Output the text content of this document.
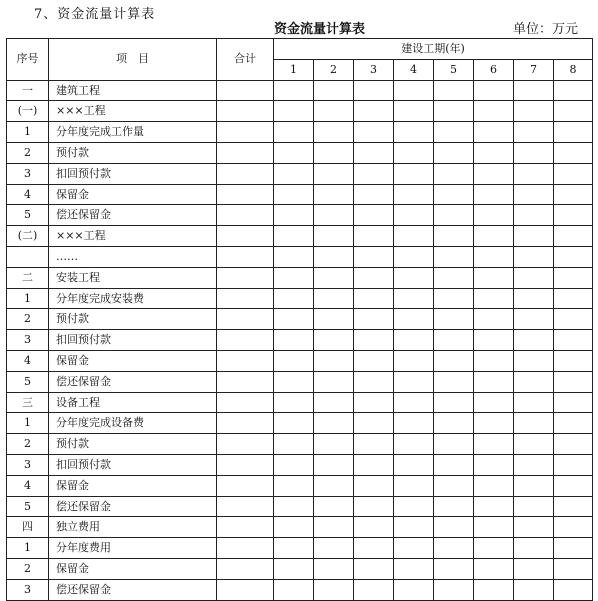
7、资金流量计算表
资金流量计算表	单位：万元
序号	项　目	合计	建设工期(年)							
			1	2	3	4	5	6	7	8
一	建筑工程									
(一)	×××工程									
1	分年度完成工作量									
2	预付款									
3	扣回预付款									
4	保留金									
5	偿还保留金									
(二)	×××工程									
	……									
二	安装工程									
1	分年度完成安装费									
2	预付款									
3	扣回预付款									
4	保留金									
5	偿还保留金									
三	设备工程									
1	分年度完成设备费									
2	预付款									
3	扣回预付款									
4	保留金									
5	偿还保留金									
四	独立费用									
1	分年度费用									
2	保留金									
3	偿还保留金									
